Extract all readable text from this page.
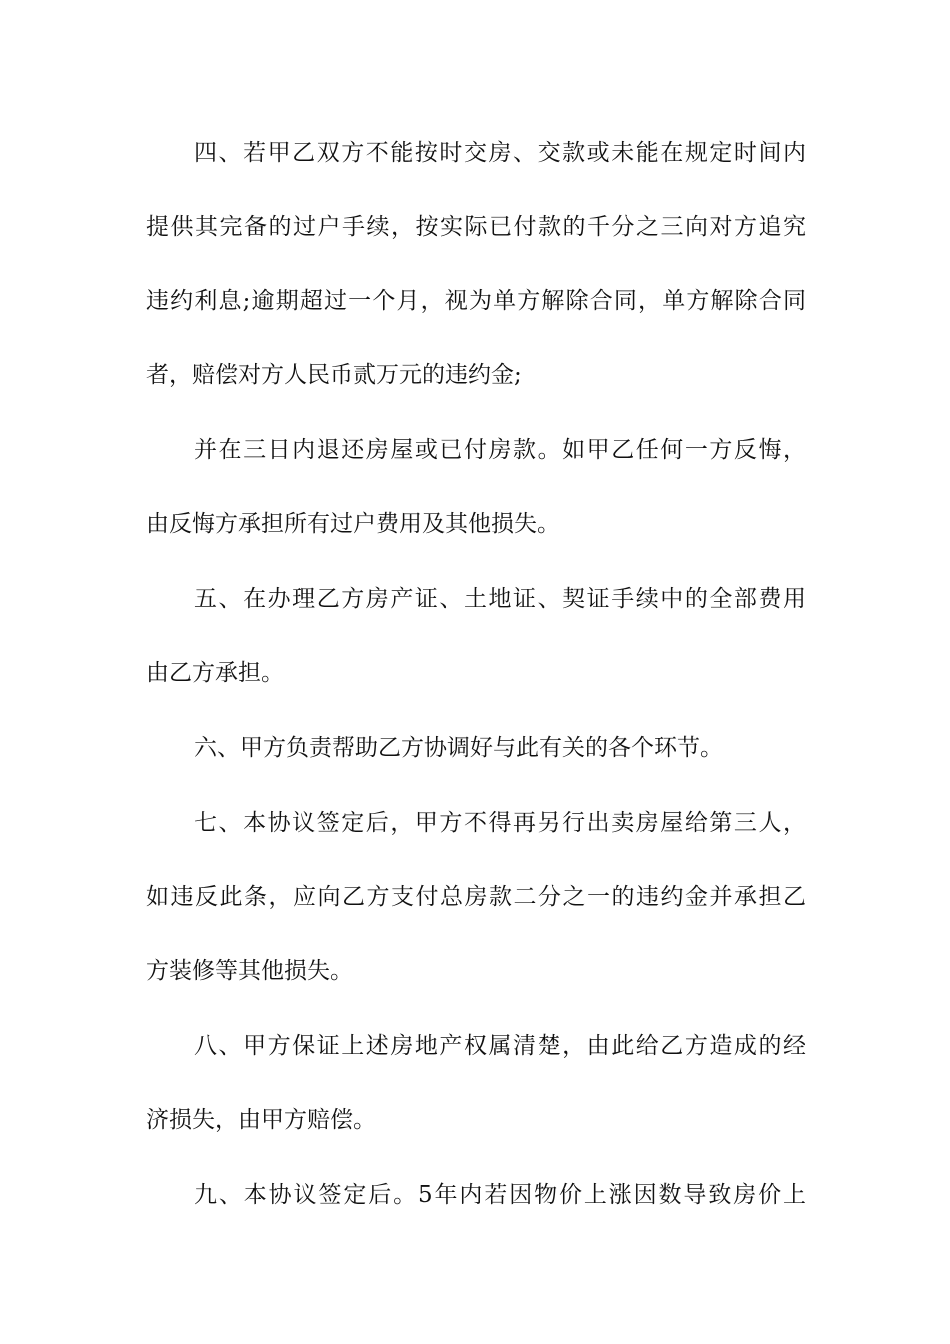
四、若甲乙双方不能按时交房、交款或未能在规定时间内
提供其完备的过户手续，按实际已付款的千分之三向对方追究
违约利息;逾期超过一个月，视为单方解除合同，单方解除合同
者，赔偿对方人民币贰万元的违约金;
并在三日内退还房屋或已付房款。如甲乙任何一方反悔，
由反悔方承担所有过户费用及其他损失。
五、在办理乙方房产证、土地证、契证手续中的全部费用
由乙方承担。
六、甲方负责帮助乙方协调好与此有关的各个环节。
七、本协议签定后，甲方不得再另行出卖房屋给第三人，
如违反此条，应向乙方支付总房款二分之一的违约金并承担乙
方装修等其他损失。
八、甲方保证上述房地产权属清楚，由此给乙方造成的经
济损失，由甲方赔偿。
九、本协议签定后。5年内若因物价上涨因数导致房价上
